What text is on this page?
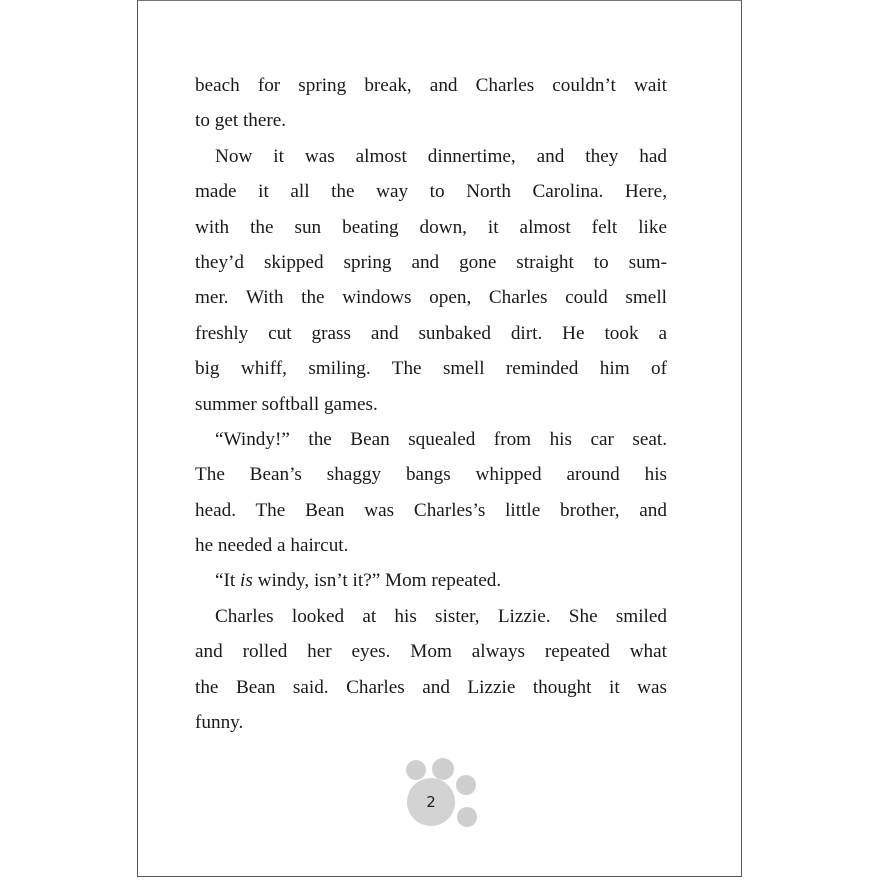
beach for spring break, and Charles couldn’t wait
to get there.
Now it was almost dinnertime, and they had
made it all the way to North Carolina. Here,
with the sun beating down, it almost felt like
they’d skipped spring and gone straight to sum-
mer. With the windows open, Charles could smell
freshly cut grass and sunbaked dirt. He took a
big whiff, smiling. The smell reminded him of
summer softball games.
“Windy!” the Bean squealed from his car seat.
The Bean’s shaggy bangs whipped around his
head. The Bean was Charles’s little brother, and
he needed a haircut.
“It is windy, isn’t it?” Mom repeated.
Charles looked at his sister, Lizzie. She smiled
and rolled her eyes. Mom always repeated what
the Bean said. Charles and Lizzie thought it was
funny.
2
